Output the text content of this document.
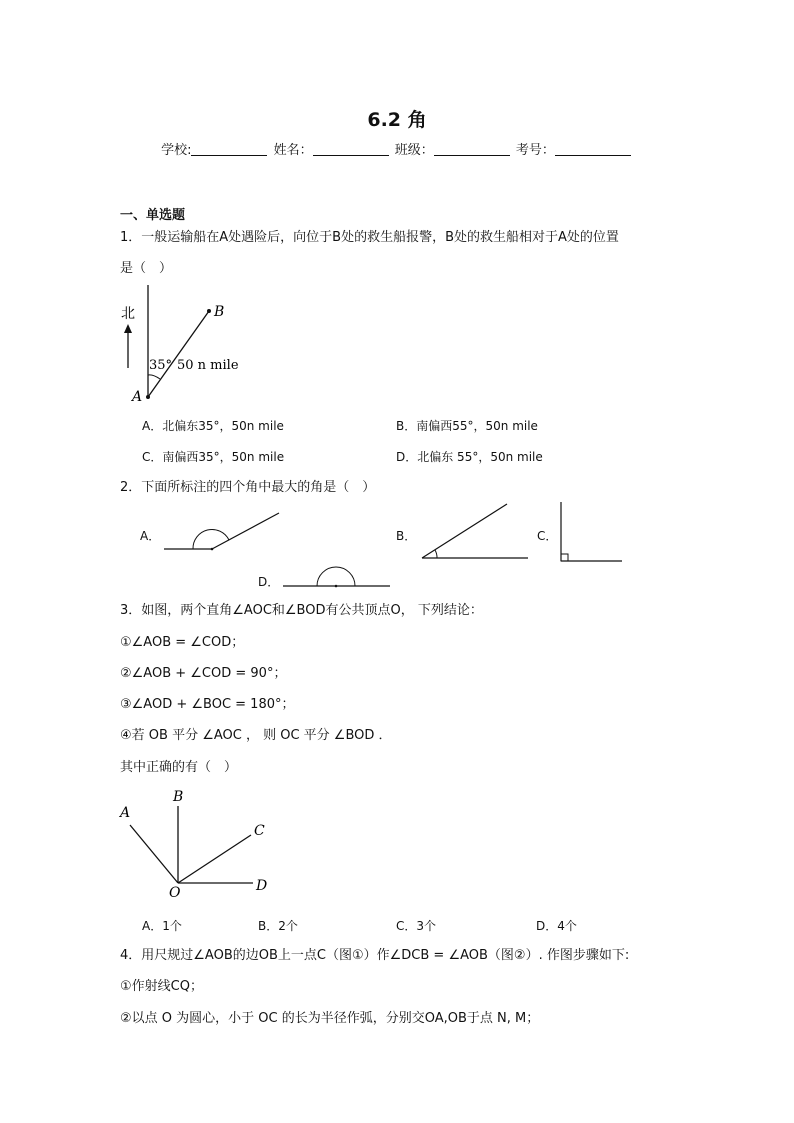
6.2 角
学校:	姓名：	班级：	考号：
一、单选题
1．一般运输船在A处遇险后，向位于B处的救生船报警，B处的救生船相对于A处的位置
是（　）
北	B
A
35° 50 n mile
A．北偏东35°，50n mile	B．南偏西55°，50n mile
C．南偏西35°，50n mile	D．北偏东 55°，50n mile
2．下面所标注的四个角中最大的角是（　）
A．	B．	C．
D．
3．如图，两个直角∠AOC和∠BOD有公共顶点O， 下列结论：
①∠AOB = ∠COD；
②∠AOB + ∠COD = 90°；
③∠AOD + ∠BOC = 180°；
④若 OB 平分 ∠AOC ， 则 OC 平分 ∠BOD ．
其中正确的有（　）
B
A
C
D
O
A．1个	B．2个	C．3个	D．4个
4．用尺规过∠AOB的边OB上一点C（图①）作∠DCB = ∠AOB（图②）. 作图步骤如下:
①作射线CQ；
②以点 O 为圆心，小于 OC 的长为半径作弧，分别交OA,OB于点 N, M；
